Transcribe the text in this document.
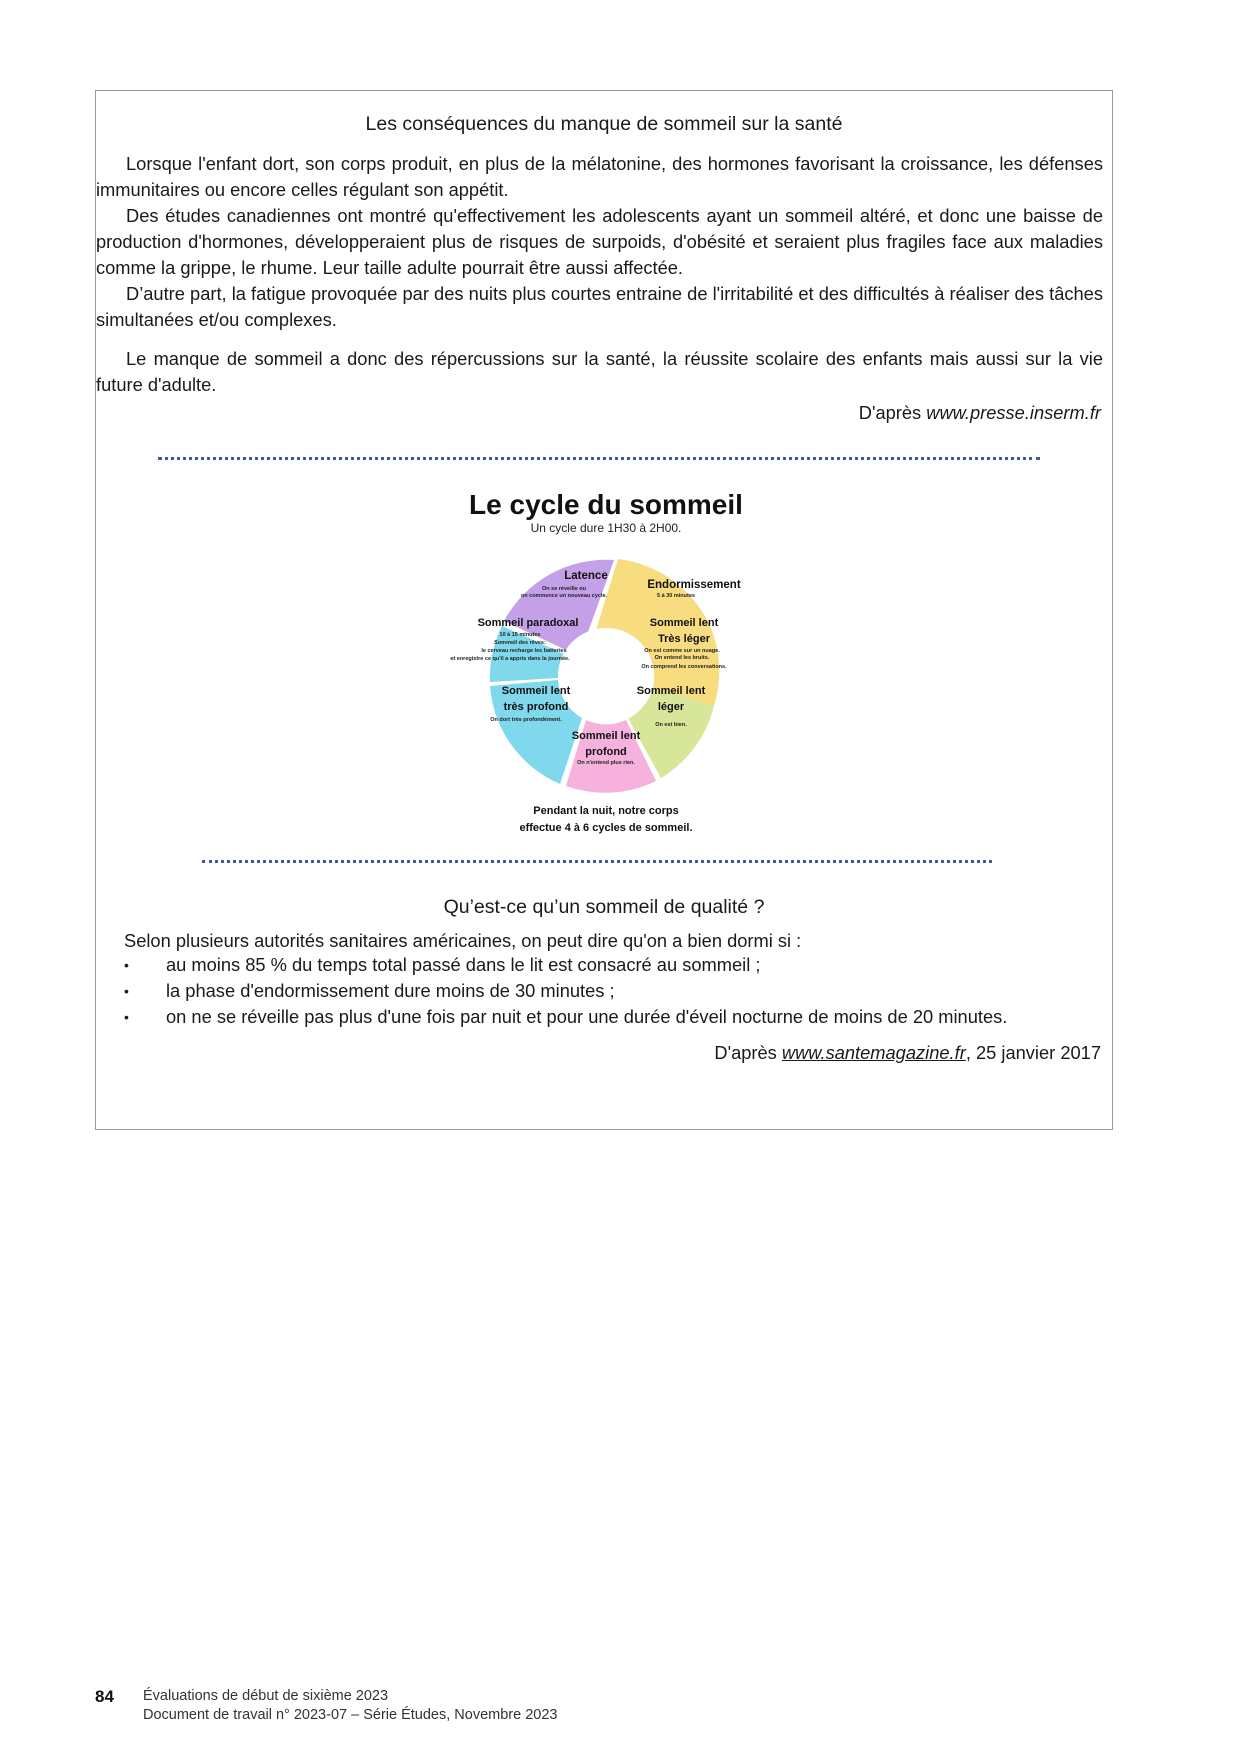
Les conséquences du manque de sommeil sur la santé

Lorsque l'enfant dort, son corps produit, en plus de la mélatonine, des hormones favorisant la croissance, les défenses immunitaires ou encore celles régulant son appétit.

Des études canadiennes ont montré qu'effectivement les adolescents ayant un sommeil altéré, et donc une baisse de production d'hormones, développeraient plus de risques de surpoids, d'obésité et seraient plus fragiles face aux maladies comme la grippe, le rhume. Leur taille adulte pourrait être aussi affectée.

D’autre part, la fatigue provoquée par des nuits plus courtes entraine de l'irritabilité et des difficultés à réaliser des tâches simultanées et/ou complexes.

Le manque de sommeil a donc des répercussions sur la santé, la réussite scolaire des enfants mais aussi sur la vie future d'adulte.

D'après www.presse.inserm.fr
Le cycle du sommeil
Un cycle dure 1H30 à 2H00.
Latence
On se réveille ou
on commence un nouveau cycle.
Endormissement
5 à 30 minutes
Sommeil lent
Très léger
On est comme sur un nuage.
On entend les bruits.
On comprend les conversations.
Sommeil lent
léger
On est bien.
Sommeil lent
profond
On n'entend plus rien.
Sommeil lent
très profond
On dort très profondément.
Sommeil paradoxal
10 à 15 minutes
Sommeil des rêves:
le cerveau recharge les batteries
et enregistre ce qu'il a appris dans la journée.
Pendant la nuit, notre corps
effectue 4 à 6 cycles de sommeil.
Qu’est-ce qu’un sommeil de qualité ?
Selon plusieurs autorités sanitaires américaines, on peut dire qu'on a bien dormi si :
• au moins 85 % du temps total passé dans le lit est consacré au sommeil ;
• la phase d'endormissement dure moins de 30 minutes ;
• on ne se réveille pas plus d'une fois par nuit et pour une durée d'éveil nocturne de moins de 20 minutes.
D'après www.santemagazine.fr, 25 janvier 2017
84 Évaluations de début de sixième 2023
Document de travail n° 2023-07 – Série Études, Novembre 2023
